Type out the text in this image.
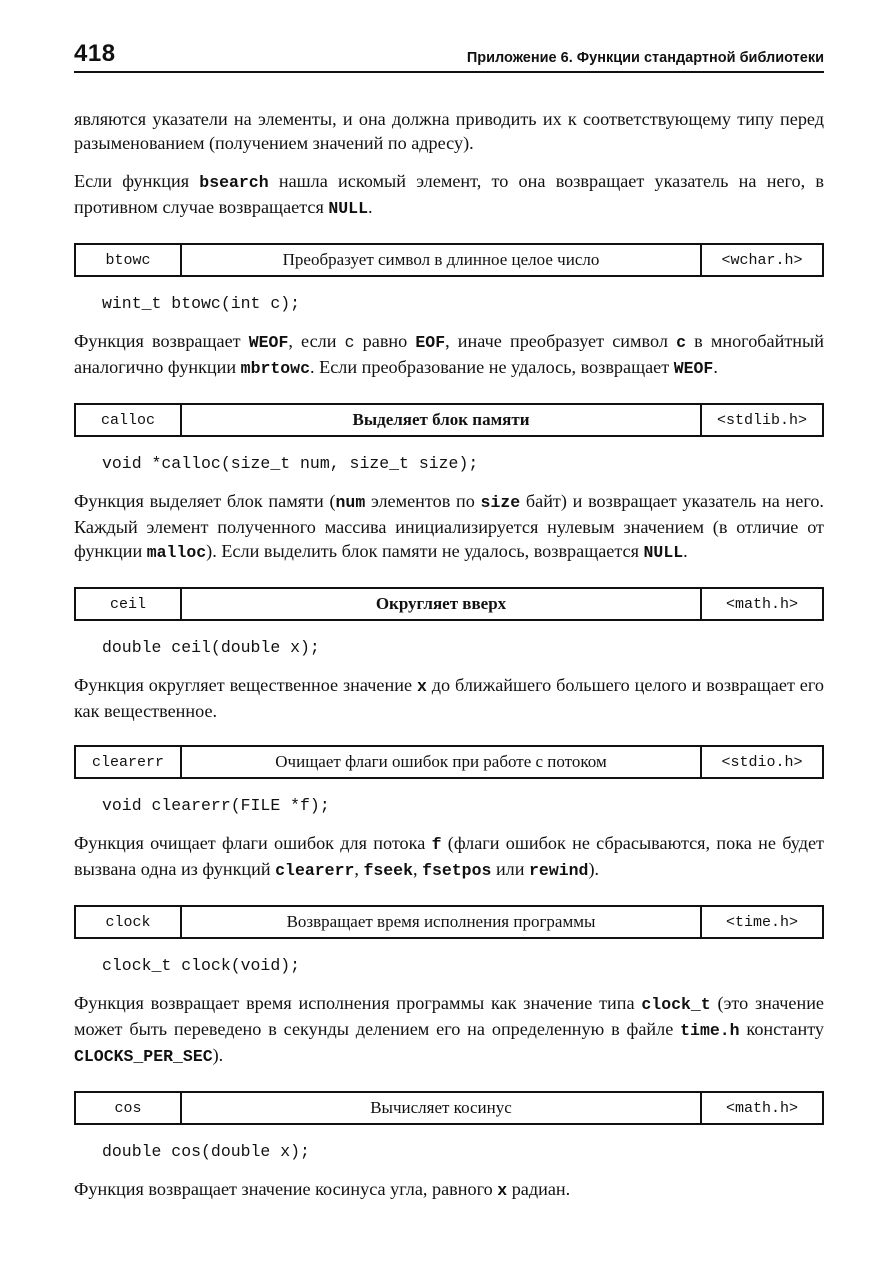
418	Приложение 6. Функции стандартной библиотеки

являются указатели на элементы, и она должна приводить их к соответствующему типу перед разыменованием (получением значений по адресу).

Если функция bsearch нашла искомый элемент, то она возвращает указатель на него, в противном случае возвращается NULL.

btowc	Преобразует символ в длинное целое число	<wchar.h>
wint_t btowc(int c);

Функция возвращает WEOF, если c равно EOF, иначе преобразует символ c в многобайтный аналогично функции mbrtowc. Если преобразование не удалось, возвращает WEOF.

calloc	Выделяет блок памяти	<stdlib.h>
void *calloc(size_t num, size_t size);

Функция выделяет блок памяти (num элементов по size байт) и возвращает указатель на него. Каждый элемент полученного массива инициализируется нулевым значением (в отличие от функции malloc). Если выделить блок памяти не удалось, возвращается NULL.

ceil	Округляет вверх	<math.h>
double ceil(double x);

Функция округляет вещественное значение x до ближайшего большего целого и возвращает его как вещественное.

clearerr	Очищает флаги ошибок при работе с потоком	<stdio.h>
void clearerr(FILE *f);

Функция очищает флаги ошибок для потока f (флаги ошибок не сбрасываются, пока не будет вызвана одна из функций clearerr, fseek, fsetpos или rewind).

clock	Возвращает время исполнения программы	<time.h>
clock_t clock(void);

Функция возвращает время исполнения программы как значение типа clock_t (это значение может быть переведено в секунды делением его на определенную в файле time.h константу CLOCKS_PER_SEC).

cos	Вычисляет косинус	<math.h>
double cos(double x);

Функция возвращает значение косинуса угла, равного x радиан.
